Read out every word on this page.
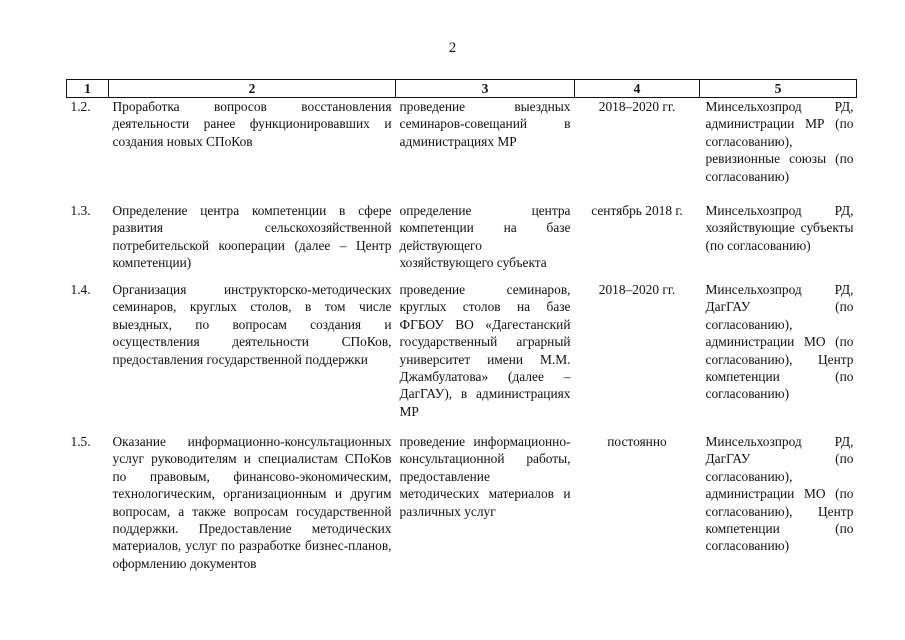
2
1	2	3	4	5
1.2.	Проработка вопросов восстановления деятельности ранее функционировавших и создания новых СПоКов	проведение выездных семинаров-совещаний в администрациях МР	2018–2020 гг.	Минсельхозпрод РД, администрации МР (по согласованию), ревизионные союзы (по согласованию)
1.3.	Определение центра компетенции в сфере развития сельскохозяйственной потребительской кооперации (далее – Центр компетенции)	определение центра компетенции на базе действующего хозяйствующего субъекта	сентябрь 2018 г.	Минсельхозпрод РД, хозяйствующие субъекты (по согласованию)
1.4.	Организация инструкторско-методических семинаров, круглых столов, в том числе выездных, по вопросам создания и осуществления деятельности СПоКов, предоставления государственной поддержки	проведение семинаров, круглых столов на базе ФГБОУ ВО «Дагестанский государственный аграрный университет имени М.М. Джамбулатова» (далее – ДагГАУ), в администрациях МР	2018–2020 гг.	Минсельхозпрод РД, ДагГАУ (по согласованию), администрации МО (по согласованию), Центр компетенции (по согласованию)
1.5.	Оказание информационно-консультационных услуг руководителям и специалистам СПоКов по правовым, финансово-экономическим, технологическим, организационным и другим вопросам, а также вопросам государственной поддержки. Предоставление методических материалов, услуг по разработке бизнес-планов, оформлению документов	проведение информационно-консультационной работы, предоставление методических материалов и различных услуг	постоянно	Минсельхозпрод РД, ДагГАУ (по согласованию), администрации МО (по согласованию), Центр компетенции (по согласованию)
